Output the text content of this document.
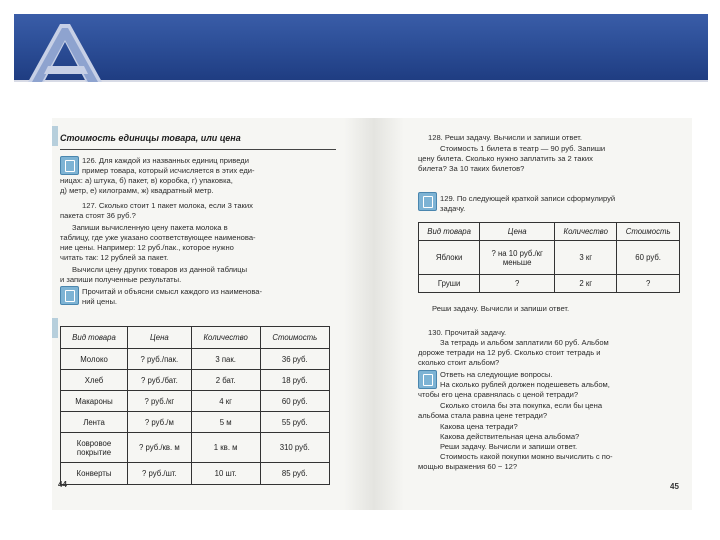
Стоимость единицы товара, или цена
126. Для каждой из названных единиц приведи
пример товара, который исчисляется в этих еди-
ницах: а) штука, б) пакет, в) коробка, г) упаковка,
д) метр, е) килограмм, ж) квадратный метр.
127. Сколько стоит 1 пакет молока, если 3 таких
пакета стоят 36 руб.?
Запиши вычисленную цену пакета молока в
таблицу, где уже указано соответствующее наименова-
ние цены. Например: 12 руб./пак., которое нужно
читать так: 12 рублей за пакет.
Вычисли цену других товаров из данной таблицы
и запиши полученные результаты.
Прочитай и объясни смысл каждого из наименова-
ний цены.
Вид товара	Цена	Количество	Стоимость
Молоко	? руб./пак.	3 пак.	36 руб.
Хлеб	? руб./бат.	2 бат.	18 руб.
Макароны	? руб./кг	4 кг	60 руб.
Лента	? руб./м	5 м	55 руб.
Ковровое покрытие	? руб./кв. м	1 кв. м	310 руб.
Конверты	? руб./шт.	10 шт.	85 руб.
44
128. Реши задачу. Вычисли и запиши ответ.
Стоимость 1 билета в театр — 90 руб. Запиши
цену билета. Сколько нужно заплатить за 2 таких
билета? За 10 таких билетов?
129. По следующей краткой записи сформулируй
задачу.
Вид товара	Цена	Количество	Стоимость
Яблоки	? на 10 руб./кг меньше	3 кг	60 руб.
Груши	?	2 кг	?
Реши задачу. Вычисли и запиши ответ.
130. Прочитай задачу.
За тетрадь и альбом заплатили 60 руб. Альбом
дороже тетради на 12 руб. Сколько стоит тетрадь и
сколько стоит альбом?
Ответь на следующие вопросы.
На сколько рублей должен подешеветь альбом,
чтобы его цена сравнялась с ценой тетради?
Сколько стоила бы эта покупка, если бы цена
альбома стала равна цене тетради?
Какова цена тетради?
Какова действительная цена альбома?
Реши задачу. Вычисли и запиши ответ.
Стоимость какой покупки можно вычислить с по-
мощью выражения 60 − 12?
45
